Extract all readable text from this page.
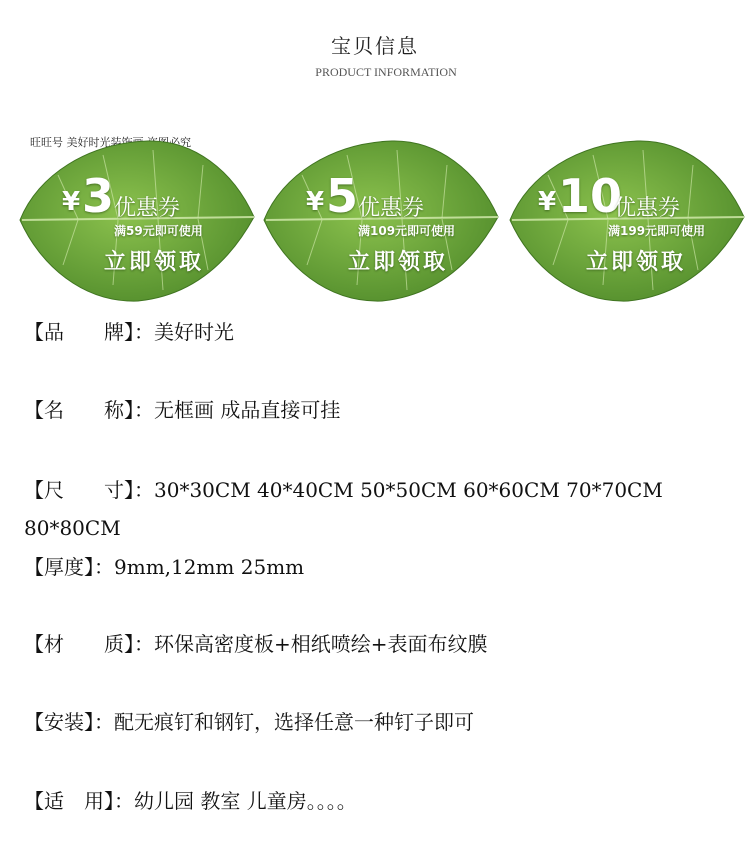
宝贝信息
PRODUCT INFORMATION
旺旺号 美好时光装饰画 盗图必究
¥ 3 优惠券
满59元即可使用
立即领取
¥ 5 优惠券
满109元即可使用
立即领取
¥ 10
优惠券
满199元即可使用
立即领取
【品　　牌】：美好时光
【名　　称】：无框画 成品直接可挂
【尺　　寸】：30*30CM 40*40CM 50*50CM 60*60CM 70*70CM 80*80CM
【厚度】：9mm,12mm 25mm
【材　　质】：环保高密度板+相纸喷绘+表面布纹膜
【安装】：配无痕钉和钢钉，选择任意一种钉子即可
【适　用】：幼儿园 教室 儿童房。。。。
